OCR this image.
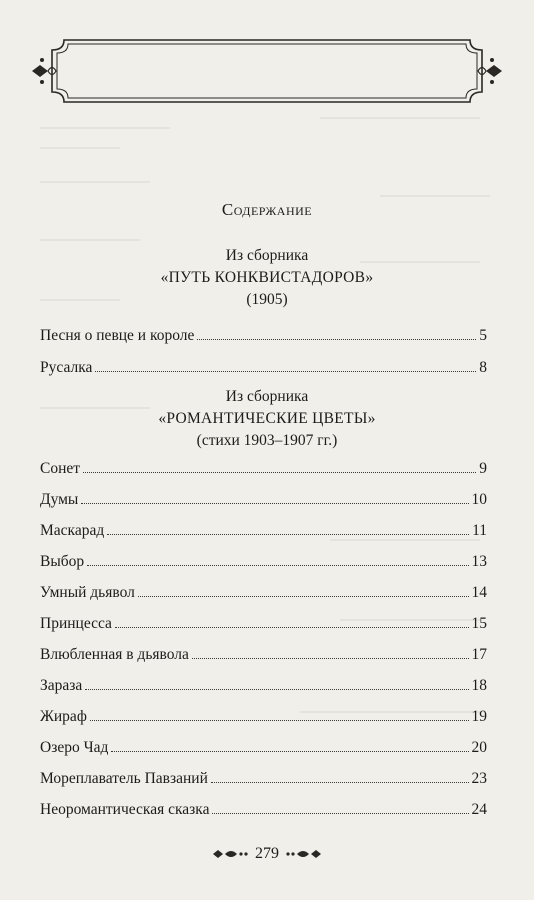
Содержание
Из сборника
«ПУТЬ КОНКВИСТАДОРОВ»
(1905)
Песня о певце и короле	5
Русалка	8
Из сборника
«РОМАНТИЧЕСКИЕ ЦВЕТЫ»
(стихи 1903–1907 гг.)
Сонет	9
Думы	10
Маскарад	11
Выбор	13
Умный дьявол	14
Принцесса	15
Влюбленная в дьявола	17
Зараза	18
Жираф	19
Озеро Чад	20
Мореплаватель Павзаний	23
Неоромантическая сказка	24
279
